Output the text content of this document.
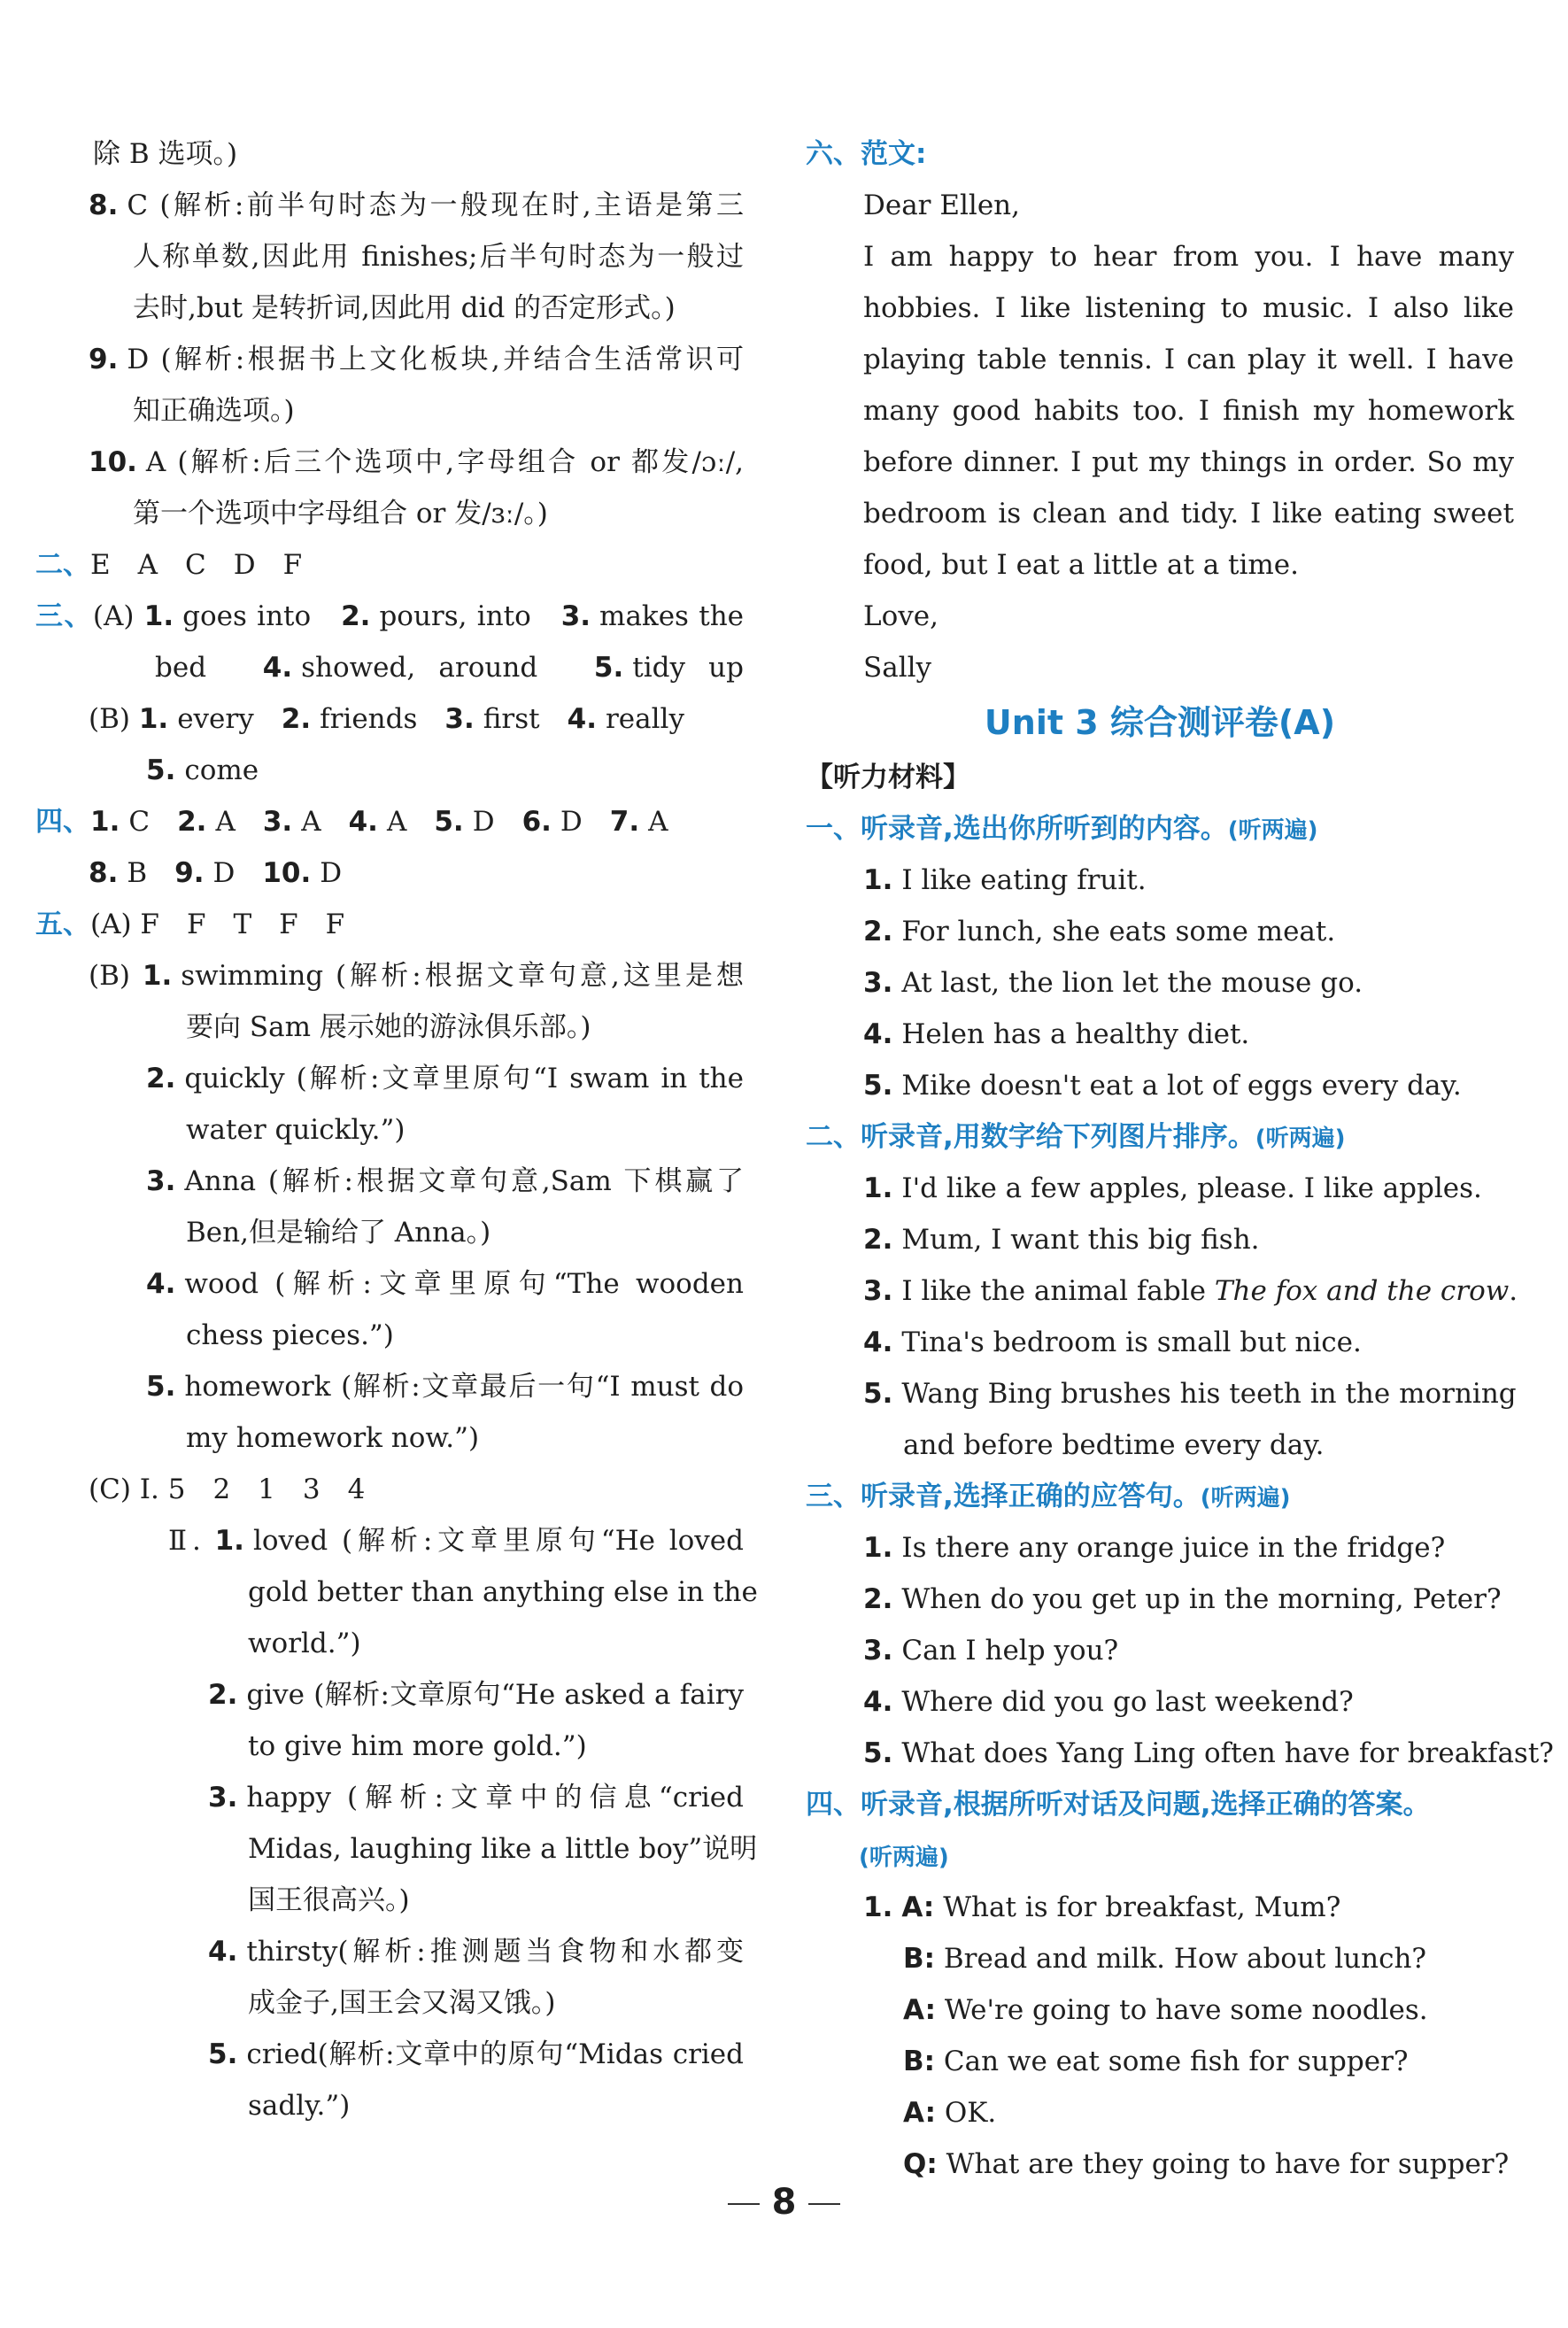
除 B 选项。)
8. C (解析:前半句时态为一般现在时,主语是第三
人称单数,因此用 finishes;后半句时态为一般过
去时,but 是转折词,因此用 did 的否定形式。)
9. D (解析:根据书上文化板块,并结合生活常识可
知正确选项。)
10. A (解析:后三个选项中,字母组合 or 都发/ɔː/,
第一个选项中字母组合 or 发/ɜː/。)
二、E　A　C　D　F
三、(A) 1. goes into　 2. pours, into　 3. makes the
bed　 4. showed, around　 5. tidy up
(B) 1. every　 2. friends　 3. first　 4. really
5. come
四、1. C　 2. A　 3. A　 4. A　 5. D　 6. D　 7. A
8. B　 9. D　 10. D
五、(A) F　F　T　F　F
(B) 1. swimming (解析:根据文章句意,这里是想
要向 Sam 展示她的游泳俱乐部。)
2. quickly (解析:文章里原句“I swam in the
water quickly.”)
3. Anna (解析:根据文章句意,Sam 下棋赢了
Ben,但是输给了 Anna。)
4. wood (解析:文章里原句“The wooden
chess pieces.”)
5. homework (解析:文章最后一句“I must do
my homework now.”)
(C) Ⅰ. 5　2　1　3　4
Ⅱ. 1. loved (解析:文章里原句“He loved
gold better than anything else in the
world.”)
2. give (解析:文章原句“He asked a fairy
to give him more gold.”)
3. happy (解析:文章中的信息“cried
Midas, laughing like a little boy”说明
国王很高兴。)
4. thirsty(解析:推测题当食物和水都变
成金子,国王会又渴又饿。)
5. cried(解析:文章中的原句“Midas cried
sadly.”)
六、范文:
Dear Ellen,
I am happy to hear from you. I have many
hobbies. I like listening to music. I also like
playing table tennis. I can play it well. I have
many good habits too. I finish my homework
before dinner. I put my things in order. So my
bedroom is clean and tidy. I like eating sweet
food, but I eat a little at a time.
Love,
Sally
Unit 3 综合测评卷(A)
【听力材料】
一、听录音,选出你所听到的内容。(听两遍)
1. I like eating fruit.
2. For lunch, she eats some meat.
3. At last, the lion let the mouse go.
4. Helen has a healthy diet.
5. Mike doesn't eat a lot of eggs every day.
二、听录音,用数字给下列图片排序。(听两遍)
1. I'd like a few apples, please. I like apples.
2. Mum, I want this big fish.
3. I like the animal fable The fox and the crow.
4. Tina's bedroom is small but nice.
5. Wang Bing brushes his teeth in the morning
and before bedtime every day.
三、听录音,选择正确的应答句。(听两遍)
1. Is there any orange juice in the fridge?
2. When do you get up in the morning, Peter?
3. Can I help you?
4. Where did you go last weekend?
5. What does Yang Ling often have for breakfast?
四、听录音,根据所听对话及问题,选择正确的答案。
(听两遍)
1. A: What is for breakfast, Mum?
B: Bread and milk. How about lunch?
A: We're going to have some noodles.
B: Can we eat some fish for supper?
A: OK.
Q: What are they going to have for supper?
8
